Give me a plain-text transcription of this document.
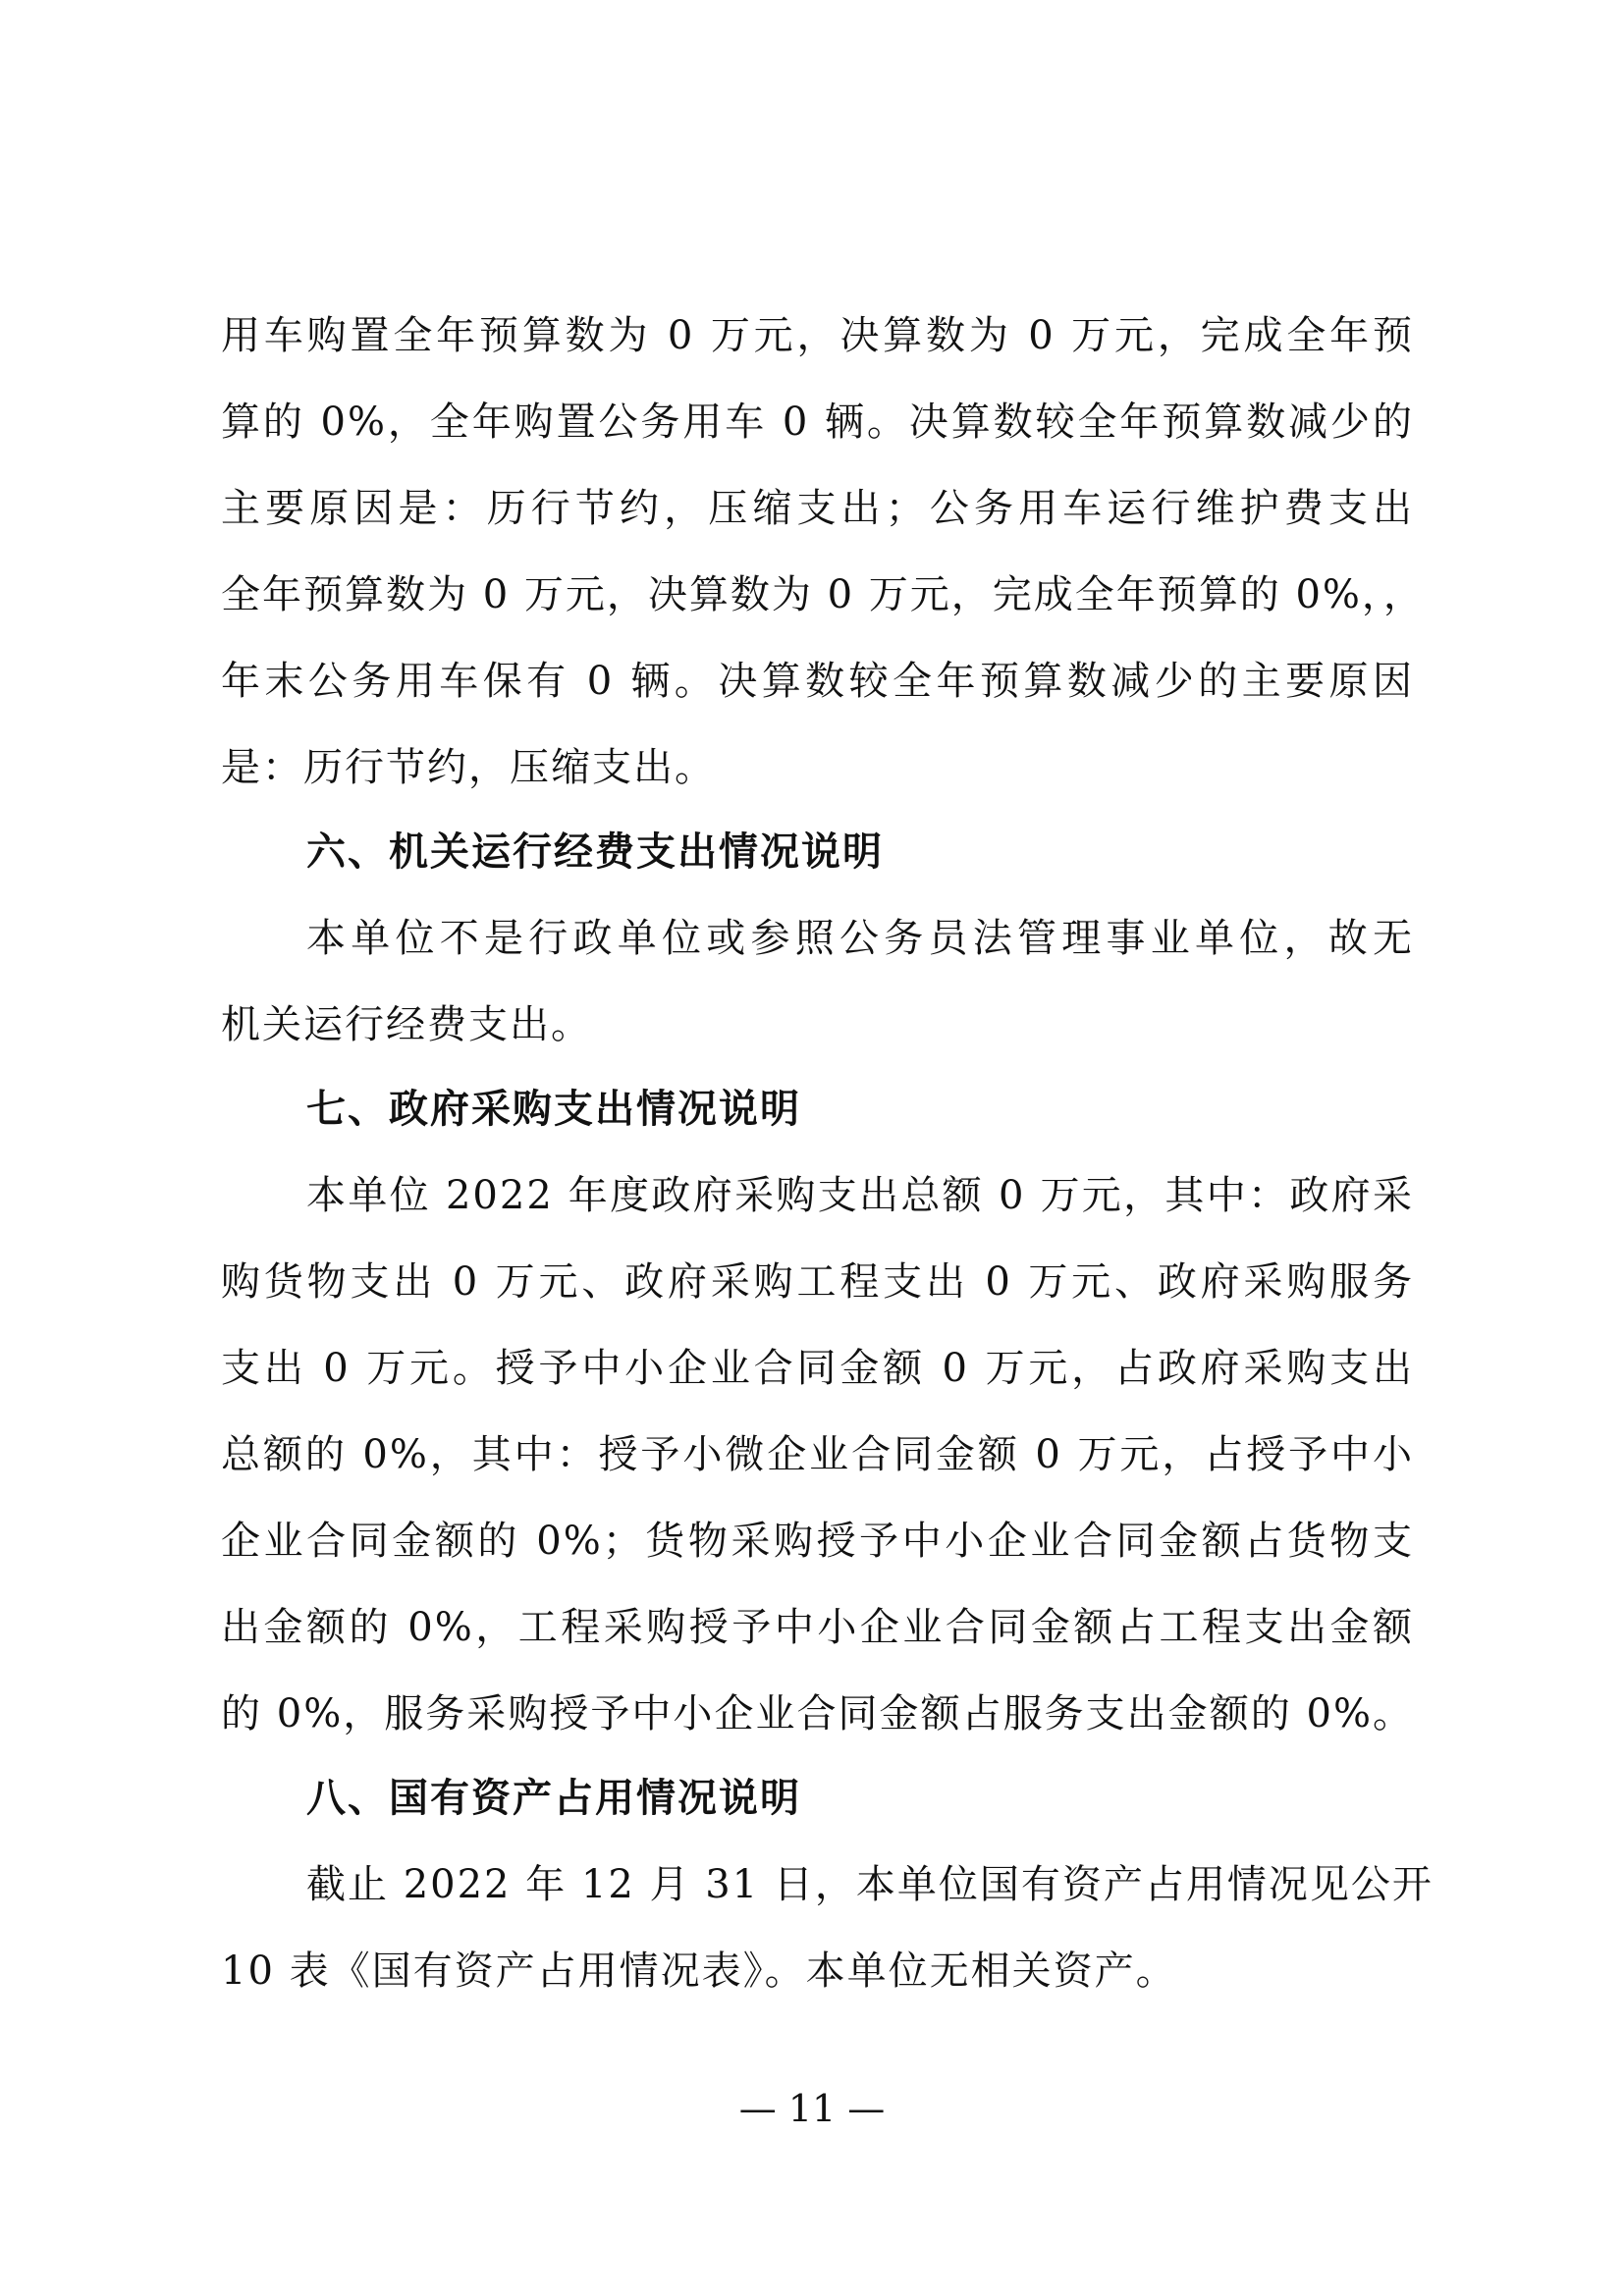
用车购置全年预算数为 0 万元，决算数为 0 万元，完成全年预
算的 0%，全年购置公务用车 0 辆。决算数较全年预算数减少的
主要原因是：历行节约，压缩支出；公务用车运行维护费支出
全年预算数为 0 万元，决算数为 0 万元，完成全年预算的 0%，，
年末公务用车保有 0 辆。决算数较全年预算数减少的主要原因
是：历行节约，压缩支出。
六、机关运行经费支出情况说明
本单位不是行政单位或参照公务员法管理事业单位，故无
机关运行经费支出。
七、政府采购支出情况说明
本单位 2022 年度政府采购支出总额 0 万元，其中：政府采
购货物支出 0 万元、政府采购工程支出 0 万元、政府采购服务
支出 0 万元。授予中小企业合同金额 0 万元，占政府采购支出
总额的 0%，其中：授予小微企业合同金额 0 万元，占授予中小
企业合同金额的 0%；货物采购授予中小企业合同金额占货物支
出金额的 0%，工程采购授予中小企业合同金额占工程支出金额
的 0%，服务采购授予中小企业合同金额占服务支出金额的 0%。
八、国有资产占用情况说明
截止 2022 年 12 月 31 日，本单位国有资产占用情况见公开
10 表《国有资产占用情况表》。本单位无相关资产。
— 11 —
